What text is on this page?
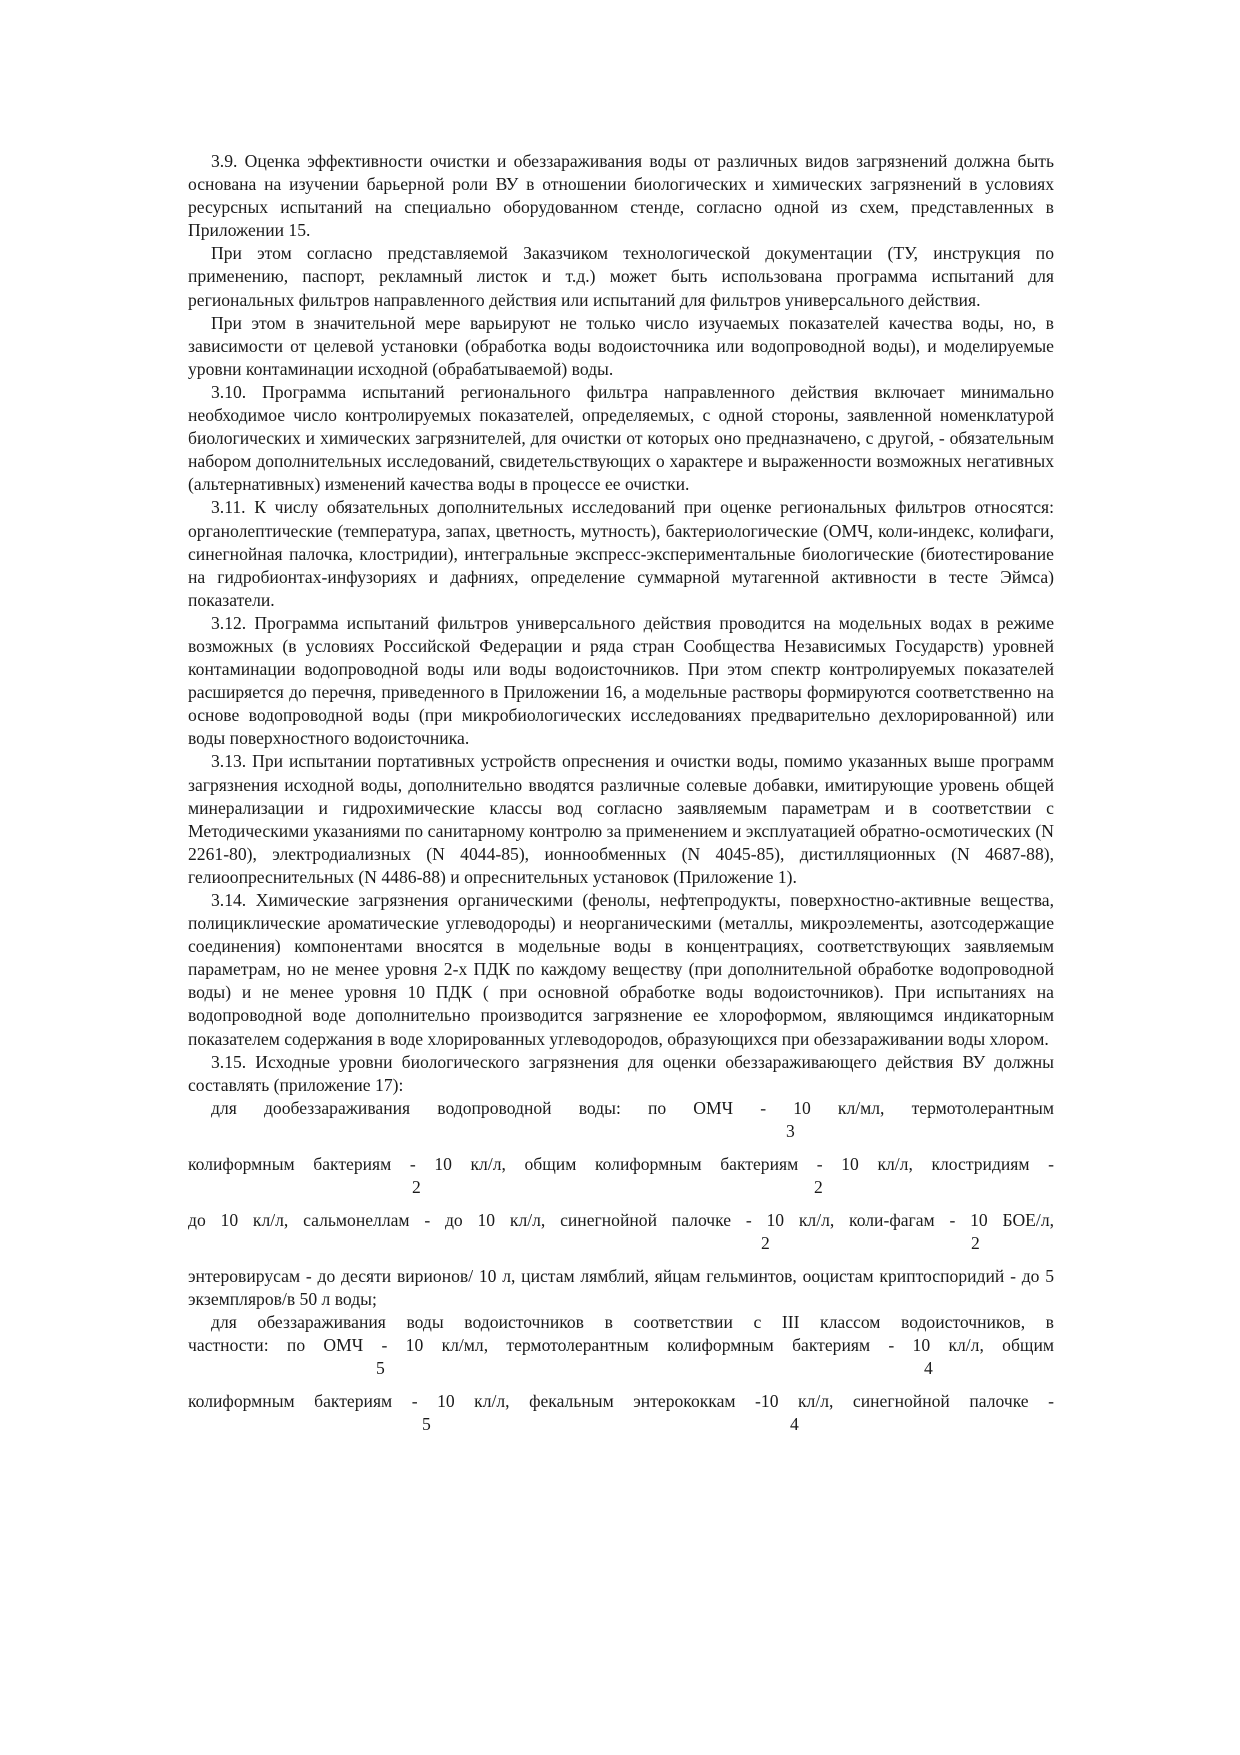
3.9. Оценка эффективности очистки и обеззараживания воды от различных видов загрязнений должна быть основана на изучении барьерной роли ВУ в отношении биологических и химических загрязнений в условиях ресурсных испытаний на специально оборудованном стенде, согласно одной из схем, представленных в Приложении 15.

При этом согласно представляемой Заказчиком технологической документации (ТУ, инструкция по применению, паспорт, рекламный листок и т.д.) может быть использована программа испытаний для региональных фильтров направленного действия или испытаний для фильтров универсального действия.

При этом в значительной мере варьируют не только число изучаемых показателей качества воды, но, в зависимости от целевой установки (обработка воды водоисточника или водопроводной воды), и моделируемые уровни контаминации исходной (обрабатываемой) воды.

3.10. Программа испытаний регионального фильтра направленного действия включает минимально необходимое число контролируемых показателей, определяемых, с одной стороны, заявленной номенклатурой биологических и химических загрязнителей, для очистки от которых оно предназначено, с другой, - обязательным набором дополнительных исследований, свидетельствующих о характере и выраженности возможных негативных (альтернативных) изменений качества воды в процессе ее очистки.

3.11. К числу обязательных дополнительных исследований при оценке региональных фильтров относятся: органолептические (температура, запах, цветность, мутность), бактериологические (ОМЧ, коли-индекс, колифаги, синегнойная палочка, клостридии), интегральные экспресс-экспериментальные биологические (биотестирование на гидробионтах-инфузориях и дафниях, определение суммарной мутагенной активности в тесте Эймса) показатели.

3.12. Программа испытаний фильтров универсального действия проводится на модельных водах в режиме возможных (в условиях Российской Федерации и ряда стран Сообщества Независимых Государств) уровней контаминации водопроводной воды или воды водоисточников. При этом спектр контролируемых показателей расширяется до перечня, приведенного в Приложении 16, а модельные растворы формируются соответственно на основе водопроводной воды (при микробиологических исследованиях предварительно дехлорированной) или воды поверхностного водоисточника.

3.13. При испытании портативных устройств опреснения и очистки воды, помимо указанных выше программ загрязнения исходной воды, дополнительно вводятся различные солевые добавки, имитирующие уровень общей минерализации и гидрохимические классы вод согласно заявляемым параметрам и в соответствии с Методическими указаниями по санитарному контролю за применением и эксплуатацией обратно-осмотических (N 2261-80), электродиализных (N 4044-85), ионнообменных (N 4045-85), дистилляционных (N 4687-88), гелиоопреснительных (N 4486-88) и опреснительных установок (Приложение 1).

3.14. Химические загрязнения органическими (фенолы, нефтепродукты, поверхностно-активные вещества, полициклические ароматические углеводороды) и неорганическими (металлы, микроэлементы, азотсодержащие соединения) компонентами вносятся в модельные воды в концентрациях, соответствующих заявляемым параметрам, но не менее уровня 2-х ПДК по каждому веществу (при дополнительной обработке водопроводной воды) и не менее уровня 10 ПДК ( при основной обработке воды водоисточников). При испытаниях на водопроводной воде дополнительно производится загрязнение ее хлороформом, являющимся индикаторным показателем содержания в воде хлорированных углеводородов, образующихся при обеззараживании воды хлором.

3.15. Исходные уровни биологического загрязнения для оценки обеззараживающего действия ВУ должны составлять (приложение 17):

для дообеззараживания водопроводной воды: по ОМЧ - 10 кл/мл, термотолерантным
3
колиформным бактериям - 10 кл/л, общим колиформным бактериям - 10 кл/л, клостридиям -
2	2
до 10 кл/л, сальмонеллам - до 10 кл/л, синегнойной палочке - 10 кл/л, коли-фагам - 10 БОЕ/л,
2	2

энтеровирусам - до десяти вирионов/ 10 л, цистам лямблий, яйцам гельминтов, ооцистам криптоспоридий - до 5 экземпляров/в 50 л воды;

для обеззараживания воды водоисточников в соответствии с III классом водоисточников, в

частности: по ОМЧ - 10 кл/мл, термотолерантным колиформным бактериям - 10 кл/л, общим
5	4
колиформным бактериям - 10 кл/л, фекальным энтерококкам -10 кл/л, синегнойной палочке -
5	4
